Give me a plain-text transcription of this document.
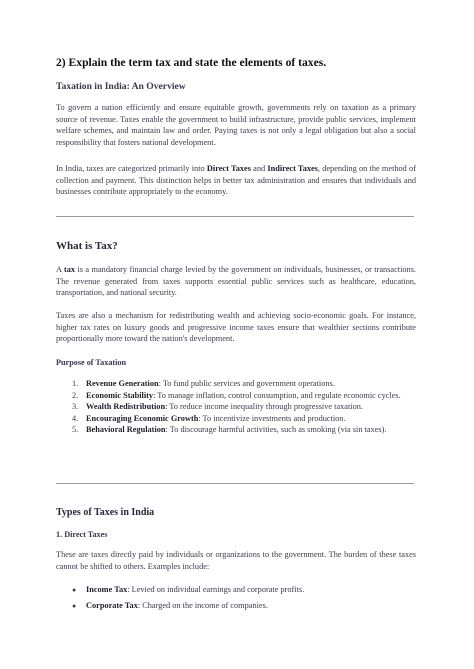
2) Explain the term tax and state the elements of taxes.
Taxation in India: An Overview
To govern a nation efficiently and ensure equitable growth, governments rely on taxation as a primary source of revenue. Taxes enable the government to build infrastructure, provide public services, implement welfare schemes, and maintain law and order. Paying taxes is not only a legal obligation but also a social responsibility that fosters national development.
In India, taxes are categorized primarily into Direct Taxes and Indirect Taxes, depending on the method of collection and payment. This distinction helps in better tax administration and ensures that individuals and businesses contribute appropriately to the economy.
What is Tax?
A tax is a mandatory financial charge levied by the government on individuals, businesses, or transactions. The revenue generated from taxes supports essential public services such as healthcare, education, transportation, and national security.
Taxes are also a mechanism for redistributing wealth and achieving socio-economic goals. For instance, higher tax rates on luxury goods and progressive income taxes ensure that wealthier sections contribute proportionally more toward the nation's development.
Purpose of Taxation
1. Revenue Generation: To fund public services and government operations.
2. Economic Stability: To manage inflation, control consumption, and regulate economic cycles.
3. Wealth Redistribution: To reduce income inequality through progressive taxation.
4. Encouraging Economic Growth: To incentivize investments and production.
5. Behavioral Regulation: To discourage harmful activities, such as smoking (via sin taxes).
Types of Taxes in India
1. Direct Taxes
These are taxes directly paid by individuals or organizations to the government. The burden of these taxes cannot be shifted to others. Examples include:
● Income Tax: Levied on individual earnings and corporate profits.
● Corporate Tax: Charged on the income of companies.
